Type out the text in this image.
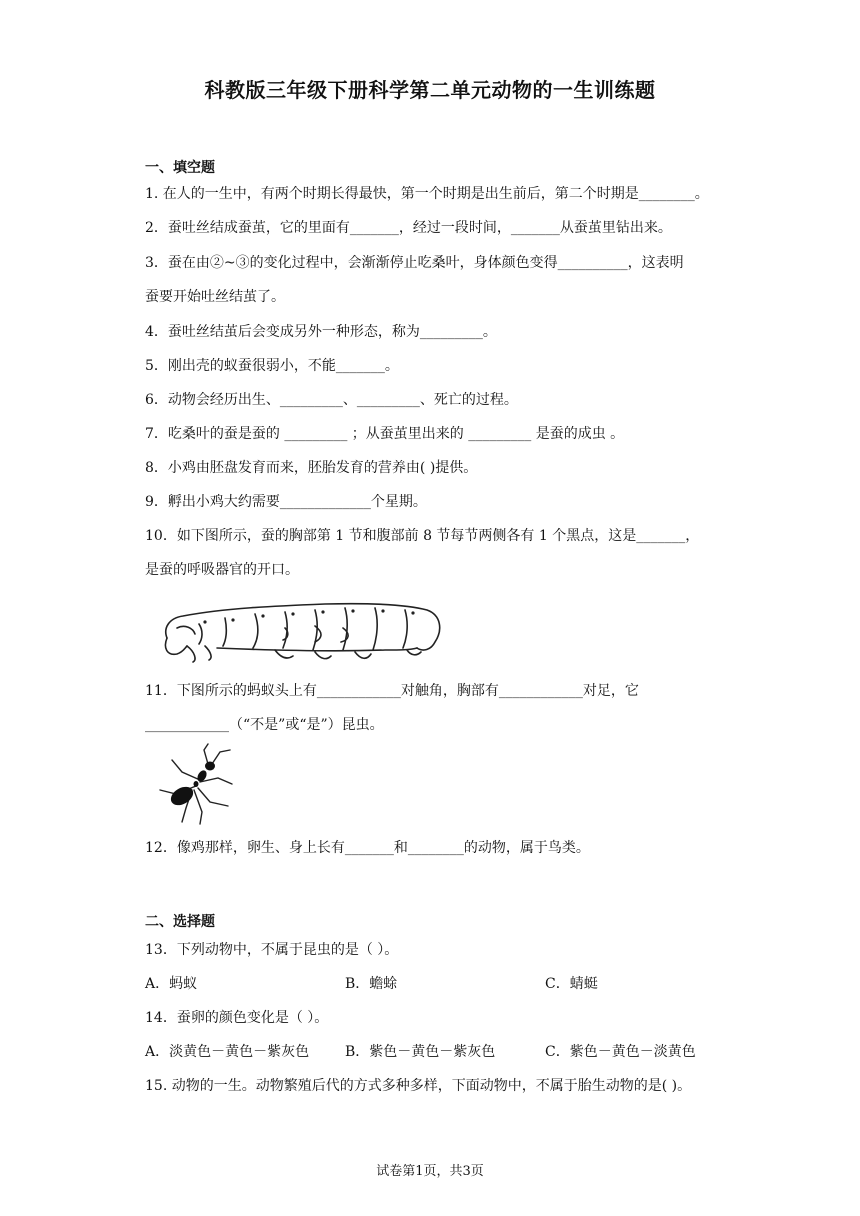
科教版三年级下册科学第二单元动物的一生训练题
一、填空题
1. 在人的一生中，有两个时期长得最快，第一个时期是出生前后，第二个时期是________。
2．蚕吐丝结成蚕茧，它的里面有_______，经过一段时间，_______从蚕茧里钻出来。
3．蚕在由②~③的变化过程中，会渐渐停止吃桑叶，身体颜色变得__________，这表明
蚕要开始吐丝结茧了。
4．蚕吐丝结茧后会变成另外一种形态，称为_________。
5．刚出壳的蚁蚕很弱小，不能_______。
6．动物会经历出生、_________、_________、死亡的过程。
7．吃桑叶的蚕是蚕的 _________ ；从蚕茧里出来的 _________ 是蚕的成虫 。
8．小鸡由胚盘发育而来，胚胎发育的营养由( )提供。
9．孵出小鸡大约需要_____________个星期。
10．如下图所示，蚕的胸部第 1 节和腹部前 8 节每节两侧各有 1 个黑点，这是_______，
是蚕的呼吸器官的开口。
11．下图所示的蚂蚁头上有____________对触角，胸部有____________对足，它
____________（“不是”或“是”）昆虫。
12．像鸡那样，卵生、身上长有_______和________的动物，属于鸟类。
二、选择题
13．下列动物中，不属于昆虫的是（ ）。
A．蚂蚁	B．蟾蜍	C．蜻蜓
14．蚕卵的颜色变化是（ ）。
A．淡黄色－黄色－紫灰色	B．紫色－黄色－紫灰色	C．紫色－黄色－淡黄色
15. 动物的一生。动物繁殖后代的方式多种多样，下面动物中，不属于胎生动物的是( )。
试卷第1页，共3页
